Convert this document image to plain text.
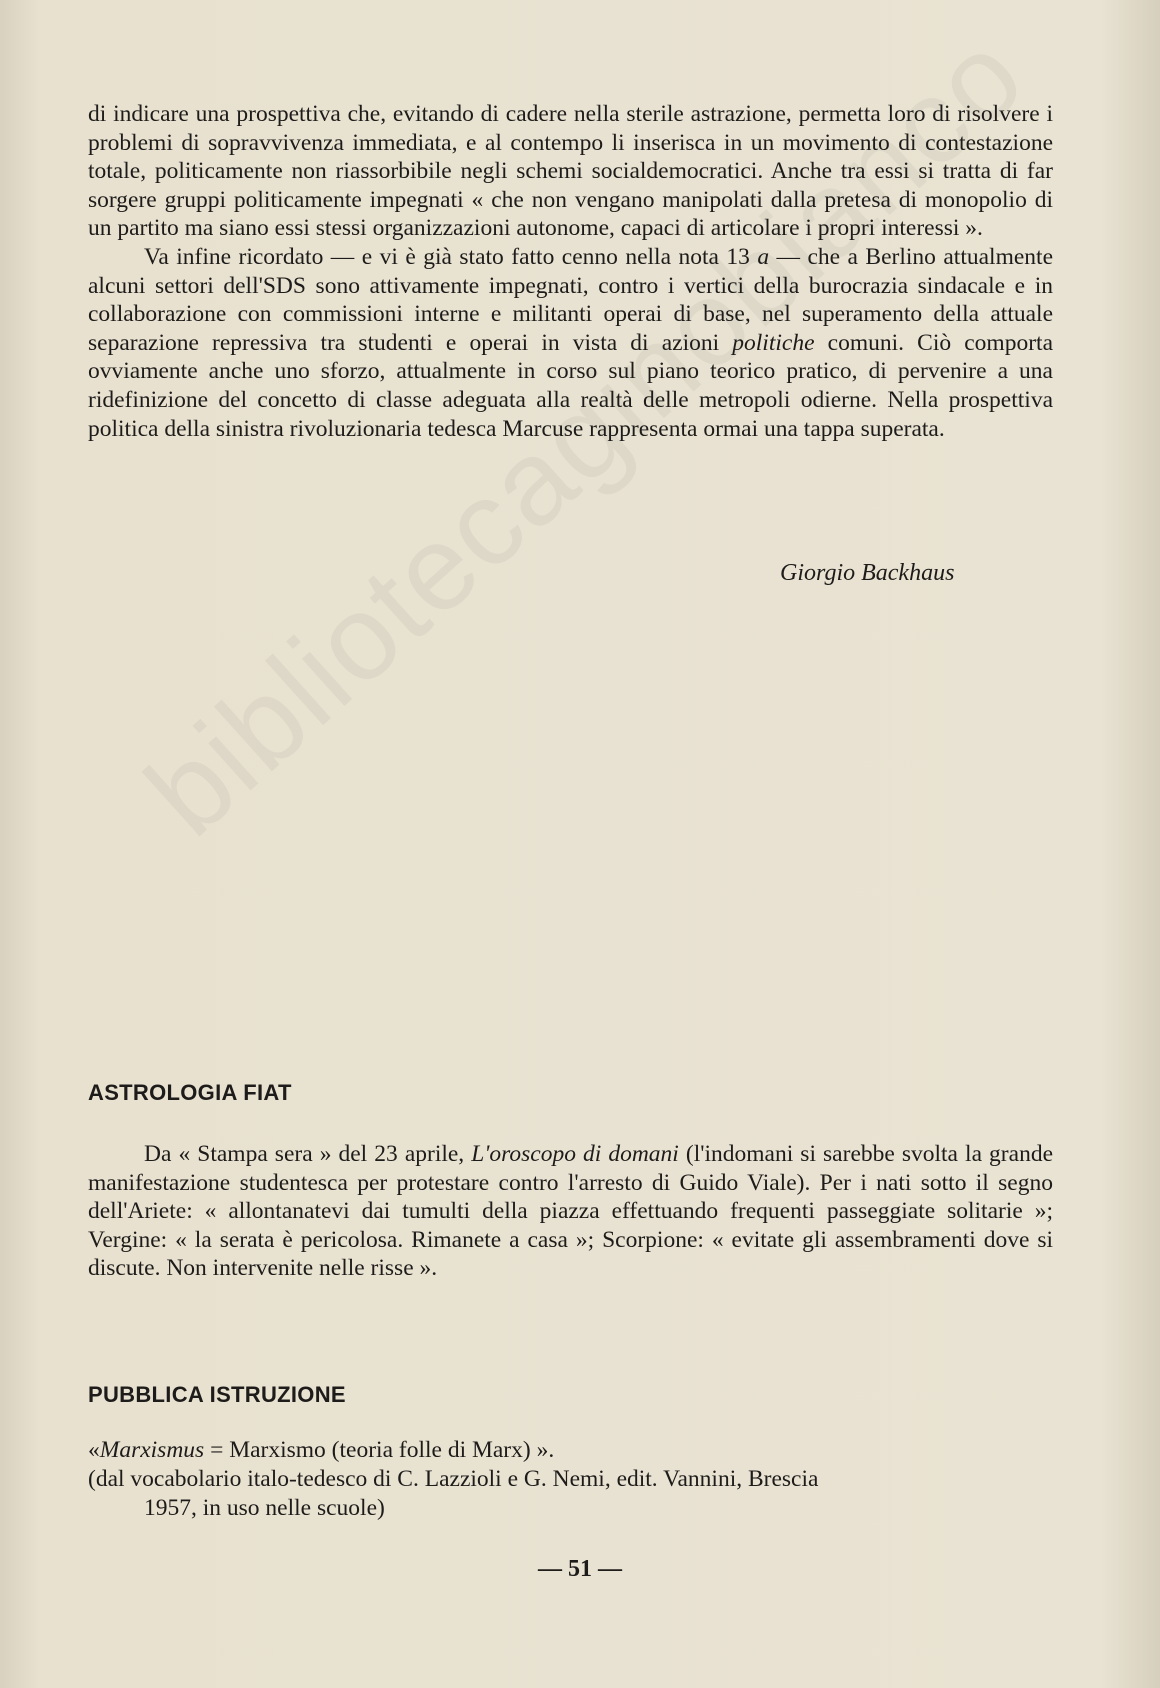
di indicare una prospettiva che, evitando di cadere nella sterile astrazione, permetta loro di risolvere i problemi di sopravvivenza immediata, e al contempo li inserisca in un movimento di contestazione totale, politicamente non riassorbibile negli schemi socialdemocratici. Anche tra essi si tratta di far sorgere gruppi politicamente impegnati « che non vengano manipolati dalla pretesa di monopolio di un partito ma siano essi stessi organizzazioni autonome, capaci di articolare i propri interessi ».

Va infine ricordato — e vi è già stato fatto cenno nella nota 13 a — che a Berlino attualmente alcuni settori dell'SDS sono attivamente impegnati, contro i vertici della burocrazia sindacale e in collaborazione con commissioni interne e militanti operai di base, nel superamento della attuale separazione repressiva tra studenti e operai in vista di azioni politiche comuni. Ciò comporta ovviamente anche uno sforzo, attualmente in corso sul piano teorico pratico, di pervenire a una ridefinizione del concetto di classe adeguata alla realtà delle metropoli odierne. Nella prospettiva politica della sinistra rivoluzionaria tedesca Marcuse rappresenta ormai una tappa superata.

Giorgio Backhaus
ASTROLOGIA FIAT

Da « Stampa sera » del 23 aprile, L'oroscopo di domani (l'indomani si sarebbe svolta la grande manifestazione studentesca per protestare contro l'arresto di Guido Viale). Per i nati sotto il segno dell'Ariete: « allontanatevi dai tumulti della piazza effettuando frequenti passeggiate solitarie »; Vergine: « la serata è pericolosa. Rimanete a casa »; Scorpione: « evitate gli assembramenti dove si discute. Non intervenite nelle risse ».

PUBBLICA ISTRUZIONE

«Marxismus = Marxismo (teoria folle di Marx) ».

(dal vocabolario italo-tedesco di C. Lazzioli e G. Nemi, edit. Vannini, Brescia

1957, in uso nelle scuole)

— 51 —
